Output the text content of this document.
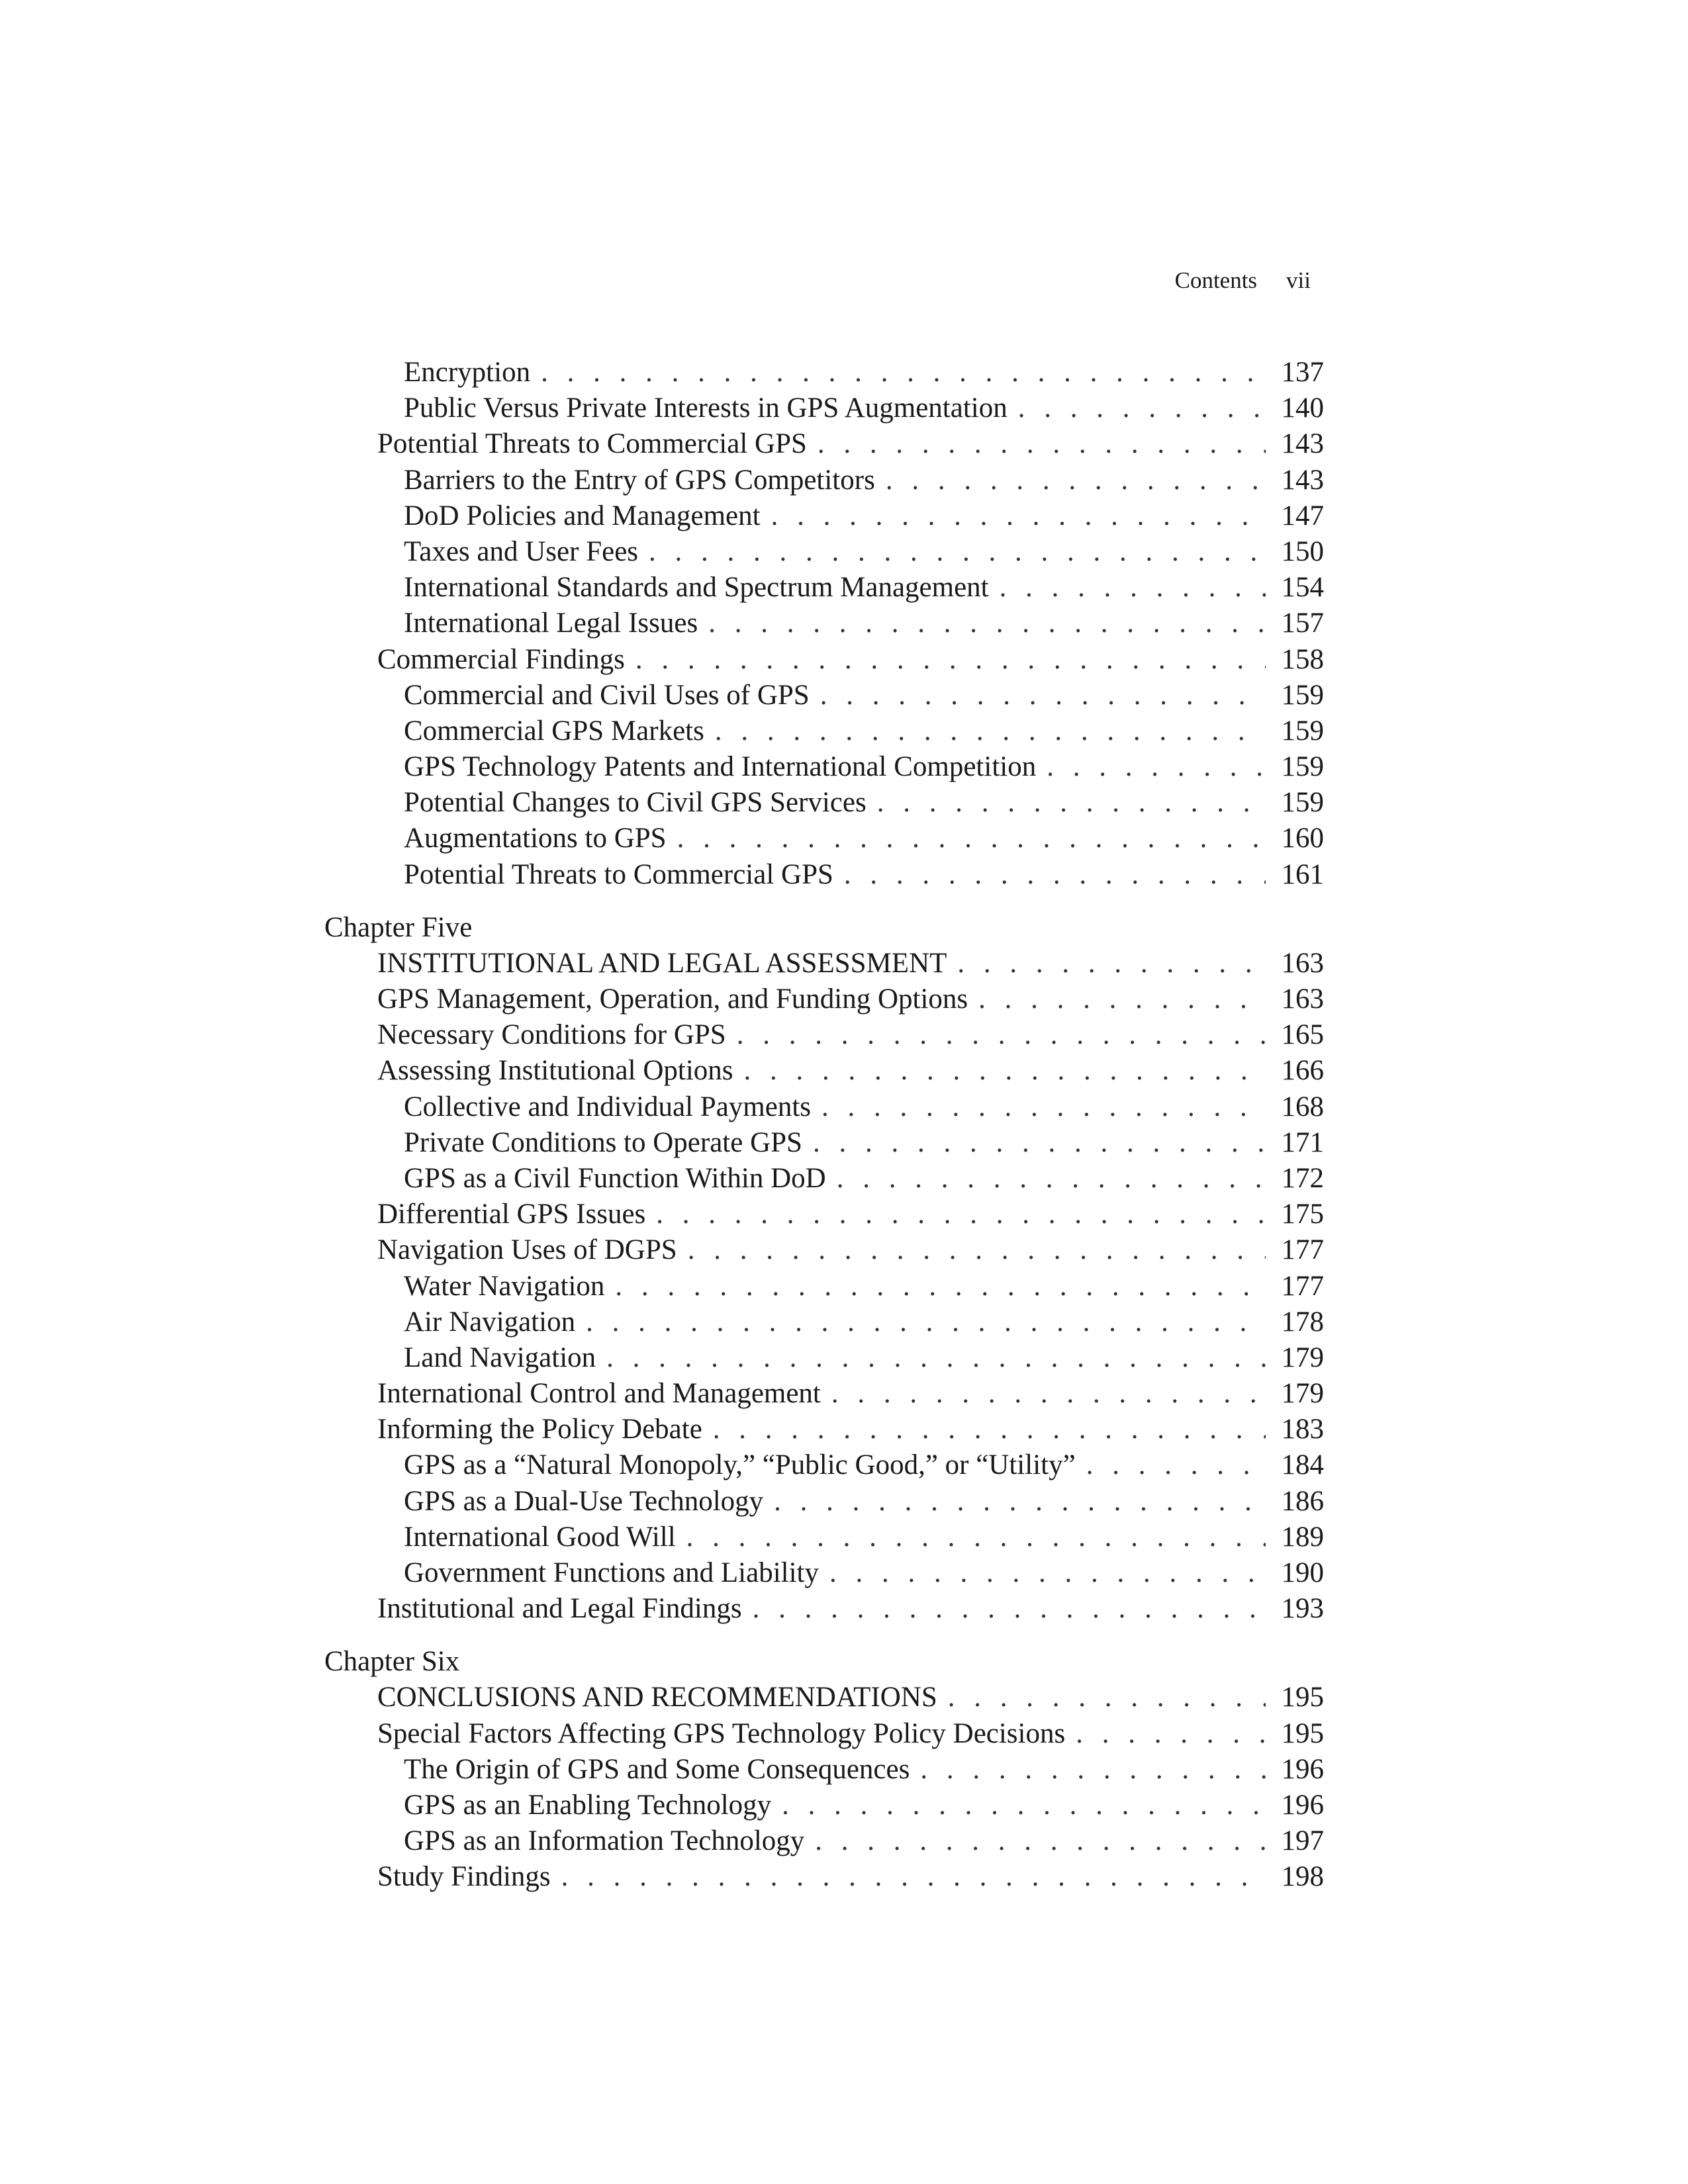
Contents vii
Encryption . . .	137
Public Versus Private Interests in GPS Augmentation . . .	140
Potential Threats to Commercial GPS . . .	143
Barriers to the Entry of GPS Competitors . . .	143
DoD Policies and Management . . .	147
Taxes and User Fees . . .	150
International Standards and Spectrum Management . . .	154
International Legal Issues . . .	157
Commercial Findings . . .	158
Commercial and Civil Uses of GPS . . .	159
Commercial GPS Markets . . .	159
GPS Technology Patents and International Competition . . .	159
Potential Changes to Civil GPS Services . . .	159
Augmentations to GPS . . .	160
Potential Threats to Commercial GPS . . .	161
Chapter Five
INSTITUTIONAL AND LEGAL ASSESSMENT . . .	163
GPS Management, Operation, and Funding Options . . .	163
Necessary Conditions for GPS . . .	165
Assessing Institutional Options . . .	166
Collective and Individual Payments . . .	168
Private Conditions to Operate GPS . . .	171
GPS as a Civil Function Within DoD . . .	172
Differential GPS Issues . . .	175
Navigation Uses of DGPS . . .	177
Water Navigation . . .	177
Air Navigation . . .	178
Land Navigation . . .	179
International Control and Management . . .	179
Informing the Policy Debate . . .	183
GPS as a “Natural Monopoly,” “Public Good,” or “Utility” . . .	184
GPS as a Dual-Use Technology . . .	186
International Good Will . . .	189
Government Functions and Liability . . .	190
Institutional and Legal Findings . . .	193
Chapter Six
CONCLUSIONS AND RECOMMENDATIONS . . .	195
Special Factors Affecting GPS Technology Policy Decisions . . .	195
The Origin of GPS and Some Consequences . . .	196
GPS as an Enabling Technology . . .	196
GPS as an Information Technology . . .	197
Study Findings . . .	198
